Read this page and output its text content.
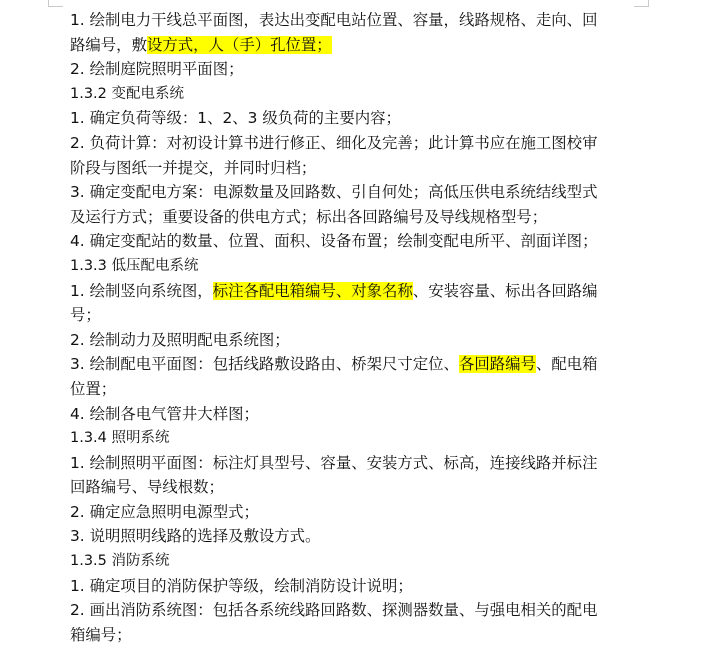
1. 绘制电力干线总平面图，表达出变配电站位置、容量，线路规格、走向、回
路编号，敷设方式，人（手）孔位置；
2. 绘制庭院照明平面图；
1.3.2 变配电系统
1. 确定负荷等级：1、2、3 级负荷的主要内容；
2. 负荷计算：对初设计算书进行修正、细化及完善；此计算书应在施工图校审
阶段与图纸一并提交，并同时归档；
3. 确定变配电方案：电源数量及回路数、引自何处；高低压供电系统结线型式
及运行方式；重要设备的供电方式；标出各回路编号及导线规格型号；
4. 确定变配站的数量、位置、面积、设备布置；绘制变配电所平、剖面详图；
1.3.3 低压配电系统
1. 绘制竖向系统图，标注各配电箱编号、对象名称、安装容量、标出各回路编
号；
2. 绘制动力及照明配电系统图；
3. 绘制配电平面图：包括线路敷设路由、桥架尺寸定位、各回路编号、配电箱
位置；
4. 绘制各电气管井大样图；
1.3.4 照明系统
1. 绘制照明平面图：标注灯具型号、容量、安装方式、标高，连接线路并标注
回路编号、导线根数；
2. 确定应急照明电源型式；
3. 说明照明线路的选择及敷设方式。
1.3.5 消防系统
1. 确定项目的消防保护等级，绘制消防设计说明；
2. 画出消防系统图：包括各系统线路回路数、探测器数量、与强电相关的配电
箱编号；
